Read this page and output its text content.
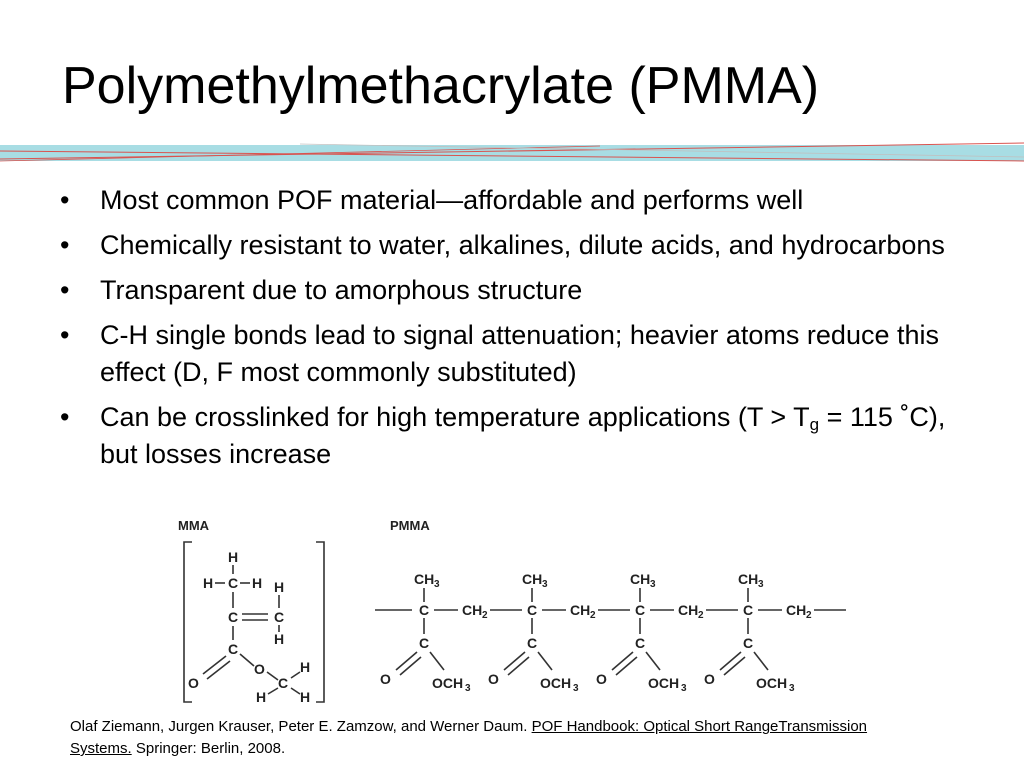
Polymethylmethacrylate (PMMA)
• Most common POF material—affordable and performs well
• Chemically resistant to water, alkalines, dilute acids, and hydrocarbons
• Transparent due to amorphous structure
• C-H single bonds lead to signal attenuation; heavier atoms reduce this effect (D, F most commonly substituted)
• Can be crosslinked for high temperature applications ($T > T_g = 115$ ˚C), but losses increase
MMA
H
H C H
C	C
H
H
C
O
O
C
H
H
H
PMMA
CH 3
C CH 2
C
O	OCH 3
CH 3
C CH 2
C
O	OCH 3
CH 3
C CH 2
C
O	OCH 3
CH 3
C CH 2
C
O	OCH 3
Olaf Ziemann, Jurgen Krauser, Peter E. Zamzow, and Werner Daum. POF Handbook: Optical Short RangeTransmission Systems. Springer: Berlin, 2008.
